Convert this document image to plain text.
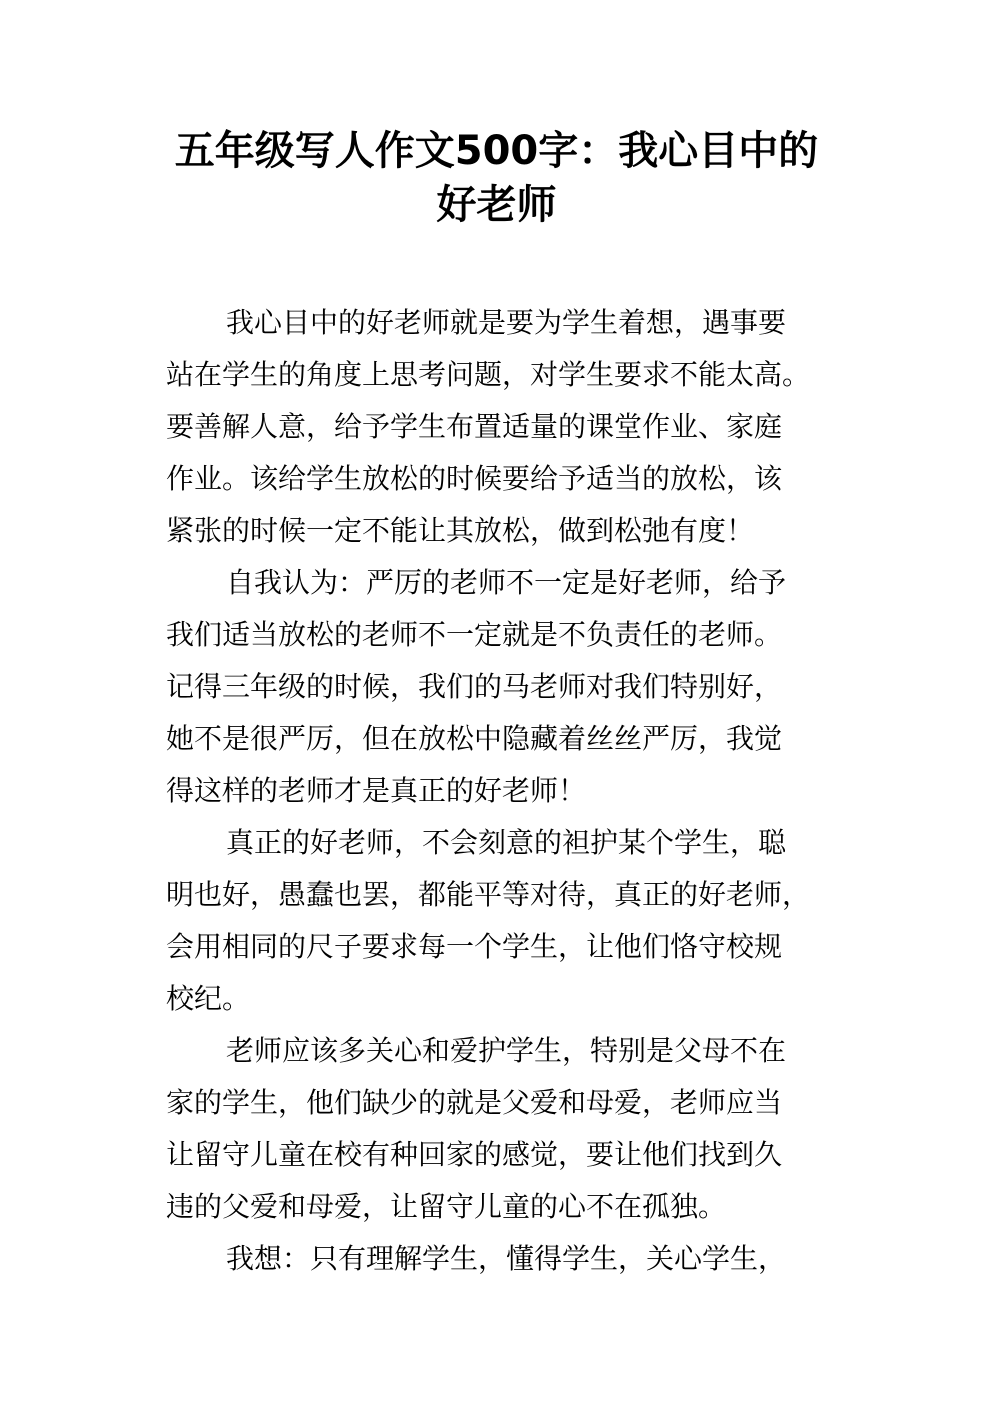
五年级写人作文500字：我心目中的
好老师
我心目中的好老师就是要为学生着想，遇事要
站在学生的角度上思考问题，对学生要求不能太高。
要善解人意，给予学生布置适量的课堂作业、家庭
作业。该给学生放松的时候要给予适当的放松，该
紧张的时候一定不能让其放松，做到松弛有度！
自我认为：严厉的老师不一定是好老师，给予
我们适当放松的老师不一定就是不负责任的老师。
记得三年级的时候，我们的马老师对我们特别好，
她不是很严厉，但在放松中隐藏着丝丝严厉，我觉
得这样的老师才是真正的好老师！
真正的好老师，不会刻意的袒护某个学生，聪
明也好，愚蠢也罢，都能平等对待，真正的好老师，
会用相同的尺子要求每一个学生，让他们恪守校规
校纪。
老师应该多关心和爱护学生，特别是父母不在
家的学生，他们缺少的就是父爱和母爱，老师应当
让留守儿童在校有种回家的感觉，要让他们找到久
违的父爱和母爱，让留守儿童的心不在孤独。
我想：只有理解学生，懂得学生，关心学生，
